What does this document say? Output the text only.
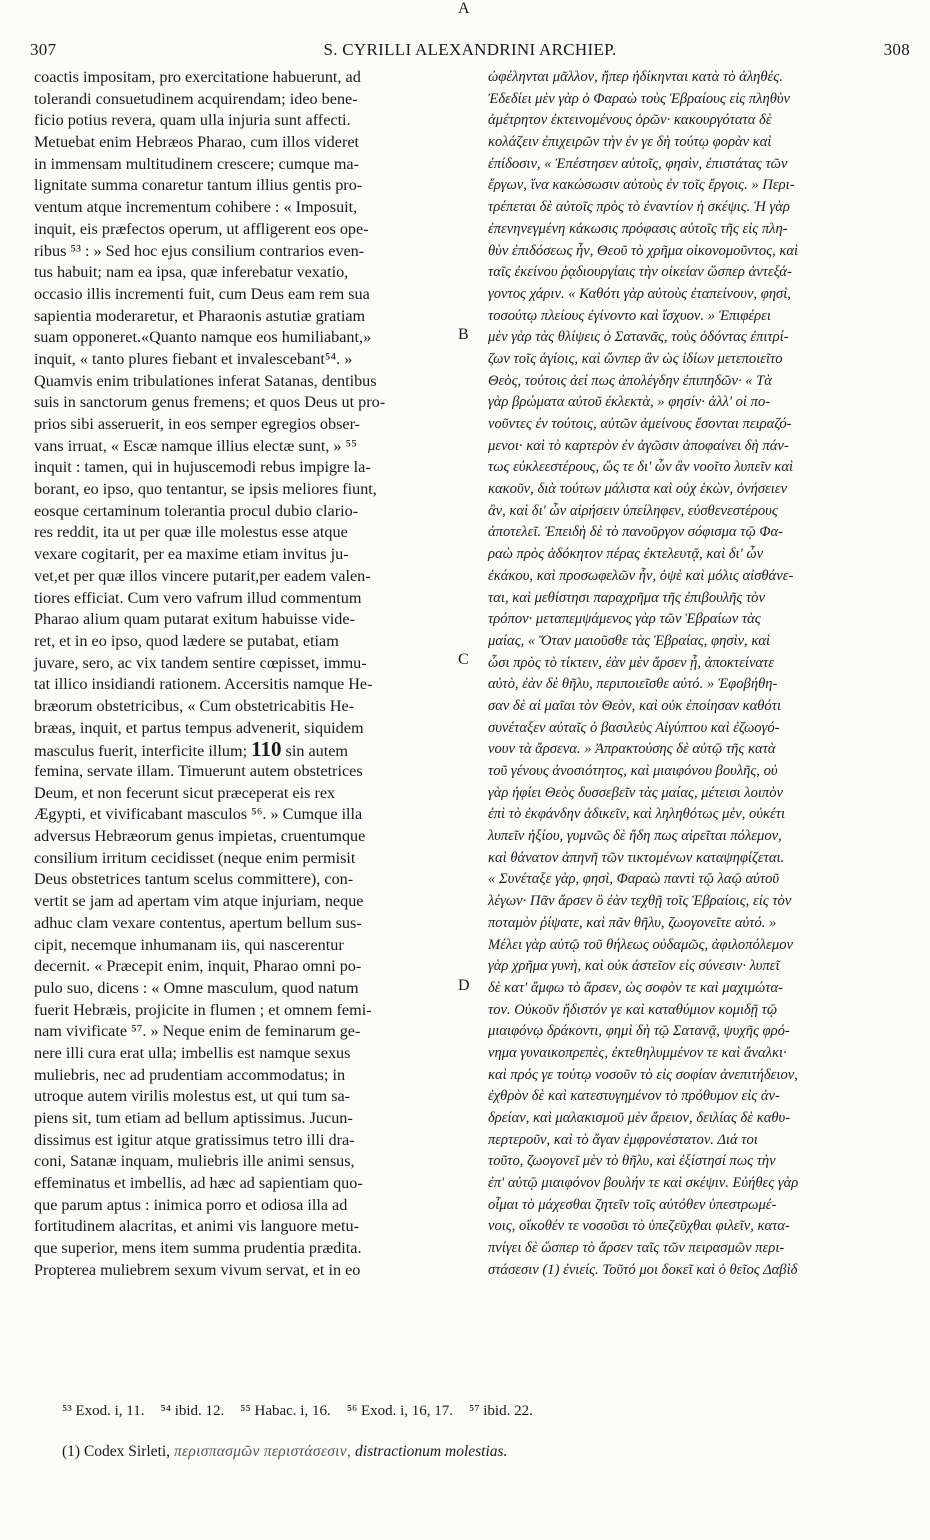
307	S. CYRILLI ALEXANDRINI ARCHIEP.	308
coactis impositam, pro exercitatione habuerunt, ad
tolerandi consuetudinem acquirendam; ideo bene-
ficio potius revera, quam ulla injuria sunt affecti.
Metuebat enim Hebræos Pharao, cum illos videret
in immensam multitudinem crescere; cumque ma-
lignitate summa conaretur tantum illius gentis pro-
ventum atque incrementum cohibere : « Imposuit,
inquit, eis præfectos operum, ut affligerent eos ope-
ribus ⁵³ : » Sed hoc ejus consilium contrarios even-
tus habuit; nam ea ipsa, quæ inferebatur vexatio,
occasio illis incrementi fuit, cum Deus eam rem sua
sapientia moderaretur, et Pharaonis astutiæ gratiam
suam opponeret.«Quanto namque eos humiliabant,»
inquit, « tanto plures fiebant et invalescebant⁵⁴. »
Quamvis enim tribulationes inferat Satanas, dentibus
suis in sanctorum genus fremens; et quos Deus ut pro-
prios sibi asseruerit, in eos semper egregios obser-
vans irruat, « Escæ namque illius electæ sunt, » ⁵⁵
inquit : tamen, qui in hujuscemodi rebus impigre la-
borant, eo ipso, quo tentantur, se ipsis meliores fiunt,
eosque certaminum tolerantia procul dubio clario-
res reddit, ita ut per quæ ille molestus esse atque
vexare cogitarit, per ea maxime etiam invitus ju-
vet,et per quæ illos vincere putarit,per eadem valen-
tiores efficiat. Cum vero vafrum illud commentum
Pharao alium quam putarat exitum habuisse vide-
ret, et in eo ipso, quod lædere se putabat, etiam
juvare, sero, ac vix tandem sentire cœpisset, immu-
tat illico insidiandi rationem. Accersitis namque He-
bræorum obstetricibus, « Cum obstetricabitis He-
bræas, inquit, et partus tempus advenerit, siquidem
masculus fuerit, interficite illum; 110 sin autem
femina, servate illam. Timuerunt autem obstetrices
Deum, et non fecerunt sicut præceperat eis rex
Ægypti, et vivificabant masculos ⁵⁶. » Cumque illa
adversus Hebræorum genus impietas, cruentumque
consilium irritum cecidisset (neque enim permisit
Deus obstetrices tantum scelus committere), con-
vertit se jam ad apertam vim atque injuriam, neque
adhuc clam vexare contentus, apertum bellum sus-
cipit, necemque inhumanam iis, qui nascerentur
decernit. « Præcepit enim, inquit, Pharao omni po-
pulo suo, dicens : « Omne masculum, quod natum
fuerit Hebræis, projicite in flumen ; et omnem femi-
nam vivificate ⁵⁷. » Neque enim de feminarum ge-
nere illi cura erat ulla; imbellis est namque sexus
muliebris, nec ad prudentiam accommodatus; in
utroque autem virilis molestus est, ut qui tum sa-
piens sit, tum etiam ad bellum aptissimus. Jucun-
dissimus est igitur atque gratissimus tetro illi dra-
coni, Satanæ inquam, muliebris ille animi sensus,
effeminatus et imbellis, ad hæc ad sapientiam quo-
que parum aptus : inimica porro et odiosa illa ad
fortitudinem alacritas, et animi vis languore metu-
que superior, mens item summa prudentia prædita.
Propterea muliebrem sexum vivum servat, et in eo
ὠφέληνται μᾶλλον, ἤπερ ἠδίκηνται κατὰ τὸ ἀληθές.
Ἐδεδίει μὲν γὰρ ὁ Φαραὼ τοὺς Ἑβραίους εἰς πληθὺν
ἀμέτρητον ἐκτεινομένους ὁρῶν· κακουργότατα δὲ
κολάζειν ἐπιχειρῶν τὴν ἐν γε δὴ τούτῳ φορὰν καὶ
ἐπίδοσιν, « Ἐπέστησεν αὐτοῖς, φησὶν, ἐπιστάτας τῶν
ἔργων, ἵνα κακώσωσιν αὐτοὺς ἐν τοῖς ἔργοις. » Περι-
τρέπεται δὲ αὐτοῖς πρὸς τὸ ἐναντίον ἡ σκέψις. Ἡ γὰρ
ἐπενηνεγμένη κάκωσις πρόφασις αὐτοῖς τῆς εἰς πλη-
θὺν ἐπιδόσεως ἦν, Θεοῦ τὸ χρῆμα οἰκονομοῦντος, καὶ
ταῖς ἐκείνου ῥᾳδιουργίαις τὴν οἰκείαν ὥσπερ ἀντεξά-
γοντος χάριν. « Καθότι γὰρ αὐτοὺς ἐταπείνουν, φησὶ,
τοσούτῳ πλείους ἐγίνοντο καὶ ἴσχυον. » Ἐπιφέρει
μὲν γὰρ τὰς θλίψεις ὁ Σατανᾶς, τοὺς ὀδόντας ἐπιτρί-
ζων τοῖς ἁγίοις, καὶ ὥνπερ ἂν ὡς ἰδίων μετεποιεῖτο
Θεὸς, τούτοις ἀεί πως ἀπολέγδην ἐπιπηδῶν· « Τὰ
γὰρ βρώματα αὐτοῦ ἐκλεκτὰ, » φησίν· ἀλλ' οἱ πο-
νοῦντες ἐν τούτοις, αὐτῶν ἀμείνους ἔσονται πειραζό-
μενοι· καὶ τὸ καρτερὸν ἐν ἀγῶσιν ἀποφαίνει δὴ πάν-
τως εὐκλεεστέρους, ὥς τε δι' ὧν ἂν νοοῖτο λυπεῖν καὶ
κακοῦν, διὰ τούτων μάλιστα καὶ οὐχ ἑκὼν, ὀνήσειεν
ἂν, καὶ δι' ὧν αἱρήσειν ὑπείληφεν, εὐσθενεστέρους
ἀποτελεῖ. Ἐπειδὴ δὲ τὸ πανοῦργον σόφισμα τῷ Φα-
ραὼ πρὸς ἀδόκητον πέρας ἐκτελευτᾷ, καὶ δι' ὧν
ἐκάκου, καὶ προσωφελῶν ἦν, ὀψὲ καὶ μόλις αἰσθάνε-
ται, καὶ μεθίστησι παραχρῆμα τῆς ἐπιβουλῆς τὸν
τρόπον· μεταπεμψάμενος γὰρ τῶν Ἑβραίων τὰς
μαίας, « Ὅταν μαιοῦσθε τὰς Ἑβραίας, φησὶν, καὶ
ὦσι πρὸς τὸ τίκτειν, ἐὰν μὲν ἄρσεν ᾖ, ἀποκτείνατε
αὐτὸ, ἐὰν δὲ θῆλυ, περιποιεῖσθε αὐτό. » Ἐφοβήθη-
σαν δὲ αἱ μαῖαι τὸν Θεὸν, καὶ οὐκ ἐποίησαν καθότι
συνέταξεν αὐταῖς ὁ βασιλεὺς Αἰγύπτου καὶ ἐζωογό-
νουν τὰ ἄρσενα. » Ἀπρακτούσης δὲ αὐτῷ τῆς κατὰ
τοῦ γένους ἀνοσιότητος, καὶ μιαιφόνου βουλῆς, οὐ
γὰρ ἠφίει Θεὸς δυσσεβεῖν τὰς μαίας, μέτεισι λοιπὸν
ἐπὶ τὸ ἐκφάνδην ἀδικεῖν, καὶ ληληθότως μὲν, οὐκέτι
λυπεῖν ἠξίου, γυμνῶς δὲ ἤδη πως αἱρεῖται πόλεμον,
καὶ θάνατον ἀπηνῆ τῶν τικτομένων καταψηφίζεται.
« Συνέταξε γὰρ, φησὶ, Φαραὼ παντὶ τῷ λαῷ αὐτοῦ
λέγων· Πᾶν ἄρσεν ὃ ἐὰν τεχθῇ τοῖς Ἑβραίοις, εἰς τὸν
ποταμὸν ῥίψατε, καὶ πᾶν θῆλυ, ζωογονεῖτε αὐτό. »
Μέλει γὰρ αὐτῷ τοῦ θήλεως οὐδαμῶς, ἀφιλοπόλεμον
γὰρ χρῆμα γυνὴ, καὶ οὐκ ἀστεῖον εἰς σύνεσιν· λυπεῖ
δὲ κατ' ἄμφω τὸ ἄρσεν, ὡς σοφὸν τε καὶ μαχιμώτα-
τον. Οὐκοῦν ἥδιστόν γε καὶ καταθύμιον κομιδῇ τῷ
μιαιφόνῳ δράκοντι, φημὶ δὴ τῷ Σατανᾷ, ψυχῆς φρό-
νημα γυναικοπρεπὲς, ἐκτεθηλυμμένον τε καὶ ἄναλκι·
καὶ πρός γε τούτῳ νοσοῦν τὸ εἰς σοφίαν ἀνεπιτήδειον,
ἐχθρὸν δὲ καὶ κατεστυγημένον τὸ πρόθυμον εἰς ἀν-
δρείαν, καὶ μαλακισμοῦ μὲν ἄρειον, δειλίας δὲ καθυ-
περτεροῦν, καὶ τὸ ἄγαν ἐμφρονέστατον. Διά τοι
τοῦτο, ζωογονεῖ μὲν τὸ θῆλυ, καὶ ἐξίστησί πως τὴν
ἐπ' αὐτῷ μιαιφόνον βουλήν τε καὶ σκέψιν. Εὐήθες γὰρ
οἶμαι τὸ μάχεσθαι ζητεῖν τοῖς αὐτόθεν ὑπεστρωμέ-
νοις, οἴκοθέν τε νοσοῦσι τὸ ὑπεζεῦχθαι φιλεῖν, κατα-
πνίγει δὲ ὥσπερ τὸ ἄρσεν ταῖς τῶν πειρασμῶν περι-
στάσεσιν (1) ἐνιείς. Τοῦτό μοι δοκεῖ καὶ ὁ θεῖος Δαβὶδ
A
B
C
D
⁵³ Exod. i, 11. ⁵⁴ ibid. 12. ⁵⁵ Habac. i, 16. ⁵⁶ Exod. i, 16, 17. ⁵⁷ ibid. 22.
(1) Codex Sirleti, περισπασμῶν περιστάσεσιν, distractionum molestias.
